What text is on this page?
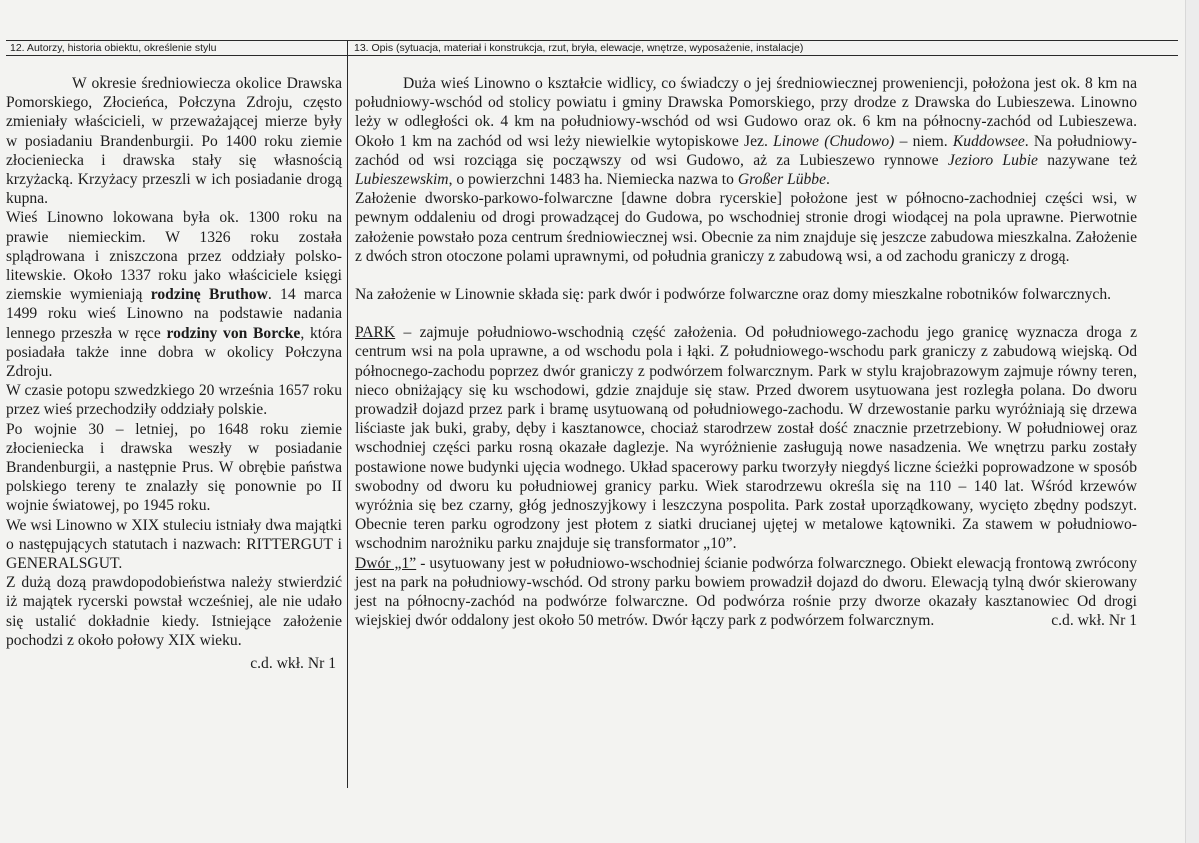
12. Autorzy, historia obiektu, określenie stylu	13. Opis (sytuacja, materiał i konstrukcja, rzut, bryła, elewacje, wnętrze, wyposażenie, instalacje)

W okresie średniowiecza okolice Drawska Pomorskiego, Złocieńca, Połczyna Zdroju, często zmieniały właścicieli, w przeważającej mierze były w posiadaniu Brandenburgii. Po 1400 roku ziemie złocieniecka i drawska stały się własnością krzyżacką. Krzyżacy przeszli w ich posiadanie drogą kupna.

Wieś Linowno lokowana była ok. 1300 roku na prawie niemieckim. W 1326 roku została splądrowana i zniszczona przez oddziały polsko-litewskie. Około 1337 roku jako właściciele księgi ziemskie wymieniają rodzinę Bruthow. 14 marca 1499 roku wieś Linowno na podstawie nadania lennego przeszła w ręce rodziny von Borcke, która posiadała także inne dobra w okolicy Połczyna Zdroju.

W czasie potopu szwedzkiego 20 września 1657 roku przez wieś przechodziły oddziały polskie.

Po wojnie 30 – letniej, po 1648 roku ziemie złocieniecka i drawska weszły w posiadanie Brandenburgii, a następnie Prus. W obrębie państwa polskiego tereny te znalazły się ponownie po II wojnie światowej, po 1945 roku.

We wsi Linowno w XIX stuleciu istniały dwa majątki o następujących statutach i nazwach: RITTERGUT i GENERALSGUT.

Z dużą dozą prawdopodobieństwa należy stwierdzić iż majątek rycerski powstał wcześniej, ale nie udało się ustalić dokładnie kiedy. Istniejące założenie pochodzi z około połowy XIX wieku.

c.d. wkł. Nr 1

Duża wieś Linowno o kształcie widlicy, co świadczy o jej średniowiecznej proweniencji, położona jest ok. 8 km na południowy-wschód od stolicy powiatu i gminy Drawska Pomorskiego, przy drodze z Drawska do Lubieszewa. Linowno leży w odległości ok. 4 km na południowy-wschód od wsi Gudowo oraz ok. 6 km na północny-zachód od Lubieszewa. Około 1 km na zachód od wsi leży niewielkie wytopiskowe Jez. Linowe (Chudowo) – niem. Kuddowsee. Na południowy-zachód od wsi rozciąga się począwszy od wsi Gudowo, aż za Lubieszewo rynnowe Jezioro Lubie nazywane też Lubieszewskim, o powierzchni 1483 ha. Niemiecka nazwa to Großer Lübbe.

Założenie dworsko-parkowo-folwarczne [dawne dobra rycerskie] położone jest w północno-zachodniej części wsi, w pewnym oddaleniu od drogi prowadzącej do Gudowa, po wschodniej stronie drogi wiodącej na pola uprawne. Pierwotnie założenie powstało poza centrum średniowiecznej wsi. Obecnie za nim znajduje się jeszcze zabudowa mieszkalna. Założenie z dwóch stron otoczone polami uprawnymi, od południa graniczy z zabudową wsi, a od zachodu graniczy z drogą.

Na założenie w Linownie składa się: park dwór i podwórze folwarczne oraz domy mieszkalne robotników folwarcznych.

PARK – zajmuje południowo-wschodnią część założenia. Od południowego-zachodu jego granicę wyznacza droga z centrum wsi na pola uprawne, a od wschodu pola i łąki. Z południowego-wschodu park graniczy z zabudową wiejską. Od północnego-zachodu poprzez dwór graniczy z podwórzem folwarcznym. Park w stylu krajobrazowym zajmuje równy teren, nieco obniżający się ku wschodowi, gdzie znajduje się staw. Przed dworem usytuowana jest rozległa polana. Do dworu prowadził dojazd przez park i bramę usytuowaną od południowego-zachodu. W drzewostanie parku wyróżniają się drzewa liściaste jak buki, graby, dęby i kasztanowce, chociaż starodrzew został dość znacznie przetrzebiony. W południowej oraz wschodniej części parku rosną okazałe daglezje. Na wyróżnienie zasługują nowe nasadzenia. We wnętrzu parku zostały postawione nowe budynki ujęcia wodnego. Układ spacerowy parku tworzyły niegdyś liczne ścieżki poprowadzone w sposób swobodny od dworu ku południowej granicy parku. Wiek starodrzewu określa się na 110 – 140 lat. Wśród krzewów wyróżnia się bez czarny, głóg jednoszyjkowy i leszczyna pospolita. Park został uporządkowany, wycięto zbędny podszyt. Obecnie teren parku ogrodzony jest płotem z siatki drucianej ujętej w metalowe kątowniki. Za stawem w południowo-wschodnim narożniku parku znajduje się transformator „10”.

Dwór „1” - usytuowany jest w południowo-wschodniej ścianie podwórza folwarcznego. Obiekt elewacją frontową zwrócony jest na park na południowy-wschód. Od strony parku bowiem prowadził dojazd do dworu. Elewacją tylną dwór skierowany jest na północny-zachód na podwórze folwarczne. Od podwórza rośnie przy dworze okazały kasztanowiec Od drogi wiejskiej dwór oddalony jest około 50 metrów. Dwór łączy park z podwórzem folwarcznym.	c.d. wkł. Nr 1
